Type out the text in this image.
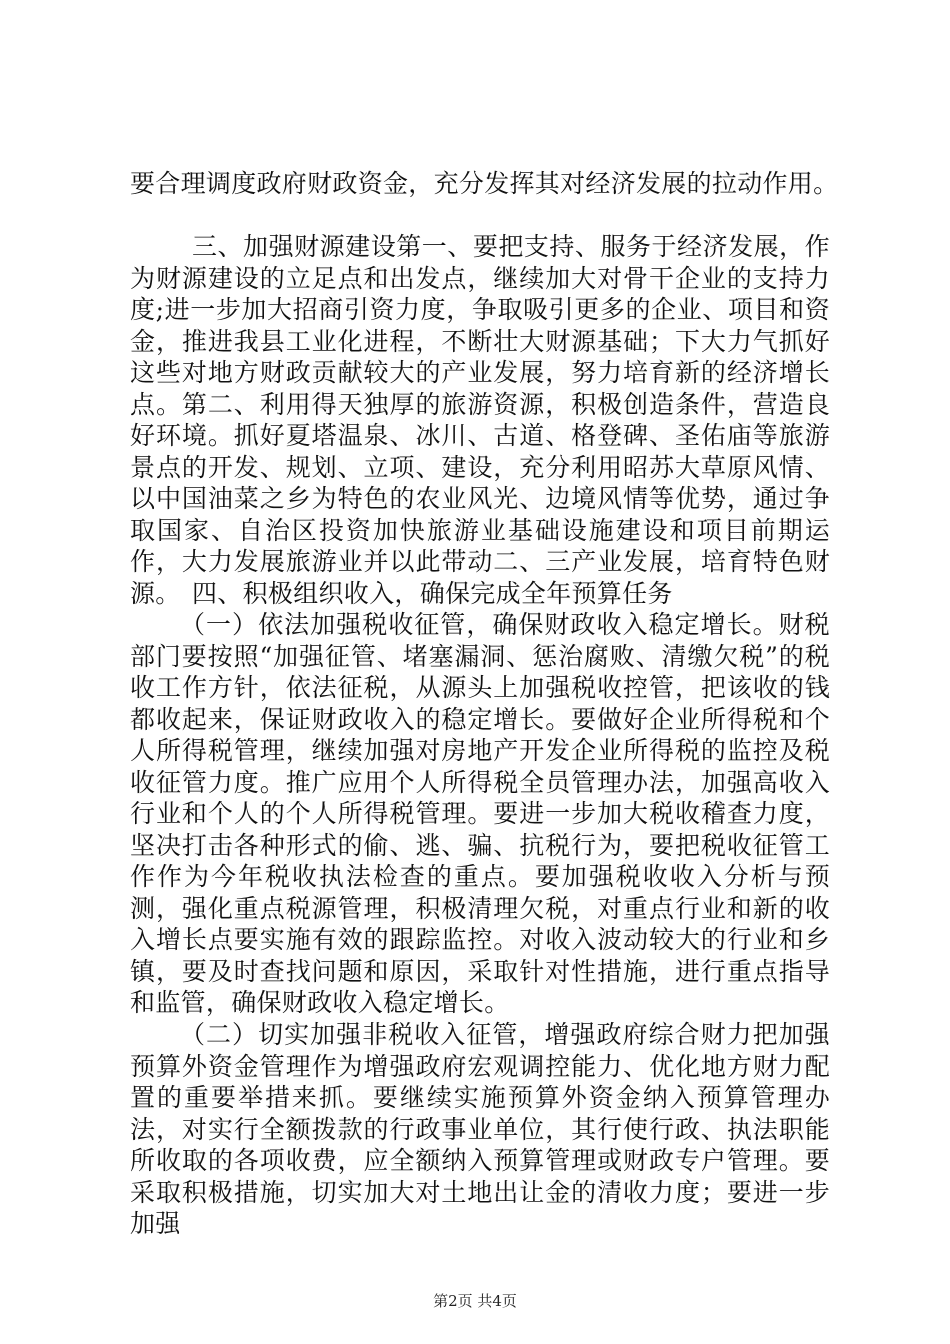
要合理调度政府财政资金，充分发挥其对经济发展的拉动作用。

三、加强财源建设第一、要把支持、服务于经济发展，作为财源建设的立足点和出发点，继续加大对骨干企业的支持力度;进一步加大招商引资力度，争取吸引更多的企业、项目和资金，推进我县工业化进程，不断壮大财源基础；下大力气抓好这些对地方财政贡献较大的产业发展，努力培育新的经济增长点。第二、利用得天独厚的旅游资源，积极创造条件，营造良好环境。抓好夏塔温泉、冰川、古道、格登碑、圣佑庙等旅游景点的开发、规划、立项、建设，充分利用昭苏大草原风情、以中国油菜之乡为特色的农业风光、边境风情等优势，通过争取国家、自治区投资加快旅游业基础设施建设和项目前期运作，大力发展旅游业并以此带动二、三产业发展，培育特色财源。 四、积极组织收入，确保完成全年预算任务

（一）依法加强税收征管，确保财政收入稳定增长。财税部门要按照“加强征管、堵塞漏洞、惩治腐败、清缴欠税”的税收工作方针，依法征税，从源头上加强税收控管，把该收的钱都收起来，保证财政收入的稳定增长。要做好企业所得税和个人所得税管理，继续加强对房地产开发企业所得税的监控及税收征管力度。推广应用个人所得税全员管理办法，加强高收入行业和个人的个人所得税管理。要进一步加大税收稽查力度，坚决打击各种形式的偷、逃、骗、抗税行为，要把税收征管工作作为今年税收执法检查的重点。要加强税收收入分析与预测，强化重点税源管理，积极清理欠税，对重点行业和新的收入增长点要实施有效的跟踪监控。对收入波动较大的行业和乡镇，要及时查找问题和原因，采取针对性措施，进行重点指导和监管，确保财政收入稳定增长。

（二）切实加强非税收入征管，增强政府综合财力把加强预算外资金管理作为增强政府宏观调控能力、优化地方财力配置的重要举措来抓。要继续实施预算外资金纳入预算管理办法，对实行全额拨款的行政事业单位，其行使行政、执法职能所收取的各项收费，应全额纳入预算管理或财政专户管理。要采取积极措施，切实加大对土地出让金的清收力度；要进一步加强

第2页 共4页
